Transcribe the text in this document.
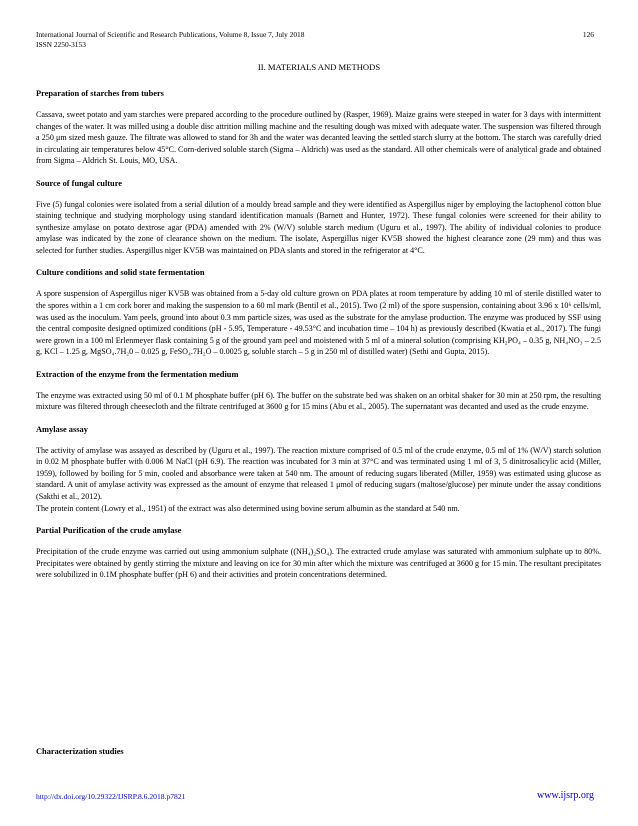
International Journal of Scientific and Research Publications, Volume 8, Issue 7, July 2018
ISSN 2250-3153
126
II. MATERIALS AND METHODS
Preparation of starches from tubers

Cassava, sweet potato and yam starches were prepared according to the procedure outlined by (Rasper, 1969). Maize grains were steeped in water for 3 days with intermittent changes of the water. It was milled using a double disc attrition milling machine and the resulting dough was mixed with adequate water. The suspension was filtered through a 250 μm sized mesh gauze. The filtrate was allowed to stand for 3h and the water was decanted leaving the settled starch slurry at the bottom. The starch was carefully dried in circulating air temperatures below 45°C. Corn-derived soluble starch (Sigma – Aldrich) was used as the standard. All other chemicals were of analytical grade and obtained from Sigma – Aldrich St. Louis, MO, USA.

Source of fungal culture

Five (5) fungal colonies were isolated from a serial dilution of a mouldy bread sample and they were identified as Aspergillus niger by employing the lactophenol cotton blue staining technique and studying morphology using standard identification manuals (Barnett and Hunter, 1972). These fungal colonies were screened for their ability to synthesize amylase on potato dextrose agar (PDA) amended with 2% (W/V) soluble starch medium (Uguru et al., 1997). The ability of individual colonies to produce amylase was indicated by the zone of clearance shown on the medium. The isolate, Aspergillus niger KV5B showed the highest clearance zone (29 mm) and thus was selected for further studies. Aspergillus niger KV5B was maintained on PDA slants and stored in the refrigerator at 4°C.

Culture conditions and solid state fermentation

A spore suspension of Aspergillus niger KV5B was obtained from a 5-day old culture grown on PDA plates at room temperature by adding 10 ml of sterile distilled water to the spores within a 1 cm cork borer and making the suspension to a 60 ml mark (Bentil et al., 2015). Two (2 ml) of the spore suspension, containing about 3.96 x 10⁶ cells/ml, was used as the inoculum. Yam peels, ground into about 0.3 mm particle sizes, was used as the substrate for the amylase production. The enzyme was produced by SSF using the central composite designed optimized conditions (pH - 5.95, Temperature - 49.53°C and incubation time – 104 h) as previously described (Kwatia et al., 2017). The fungi were grown in a 100 ml Erlenmeyer flask containing 5 g of the ground yam peel and moistened with 5 ml of a mineral solution (comprising KH₂PO₄ – 0.35 g, NH₄NO₃ – 2.5 g, KCl – 1.25 g, MgSO₄.7H₂0 – 0.025 g, FeSO₄.7H₂O – 0.0025 g, soluble starch – 5 g in 250 ml of distilled water) (Sethi and Gupta, 2015).

Extraction of the enzyme from the fermentation medium

The enzyme was extracted using 50 ml of 0.1 M phosphate buffer (pH 6). The buffer on the substrate bed was shaken on an orbital shaker for 30 min at 250 rpm, the resulting mixture was filtered through cheesecloth and the filtrate centrifuged at 3600 g for 15 mins (Abu et al., 2005). The supernatant was decanted and used as the crude enzyme.

Amylase assay

The activity of amylase was assayed as described by (Uguru et al., 1997). The reaction mixture comprised of 0.5 ml of the crude enzyme, 0.5 ml of 1% (W/V) starch solution in 0.02 M phosphate buffer with 0.006 M NaCl (pH 6.9). The reaction was incubated for 3 min at 37°C and was terminated using 1 ml of 3, 5 dinitrosalicylic acid (Miller, 1959), followed by boiling for 5 min, cooled and absorbance were taken at 540 nm. The amount of reducing sugars liberated (Miller, 1959) was estimated using glucose as standard. A unit of amylase activity was expressed as the amount of enzyme that released 1 μmol of reducing sugars (maltose/glucose) per minute under the assay conditions (Sakthi et al., 2012).

The protein content (Lowry et al., 1951) of the extract was also determined using bovine serum albumin as the standard at 540 nm.

Partial Purification of the crude amylase

Precipitation of the crude enzyme was carried out using ammonium sulphate ((NH₄)₂SO₄). The extracted crude amylase was saturated with ammonium sulphate up to 80%. Precipitates were obtained by gently stirring the mixture and leaving on ice for 30 min after which the mixture was centrifuged at 3600 g for 15 min. The resultant precipitates were solubilized in 0.1M phosphate buffer (pH 6) and their activities and protein concentrations determined.

Characterization studies
http://dx.doi.org/10.29322/IJSRP.8.6.2018.p7821	www.ijsrp.org
